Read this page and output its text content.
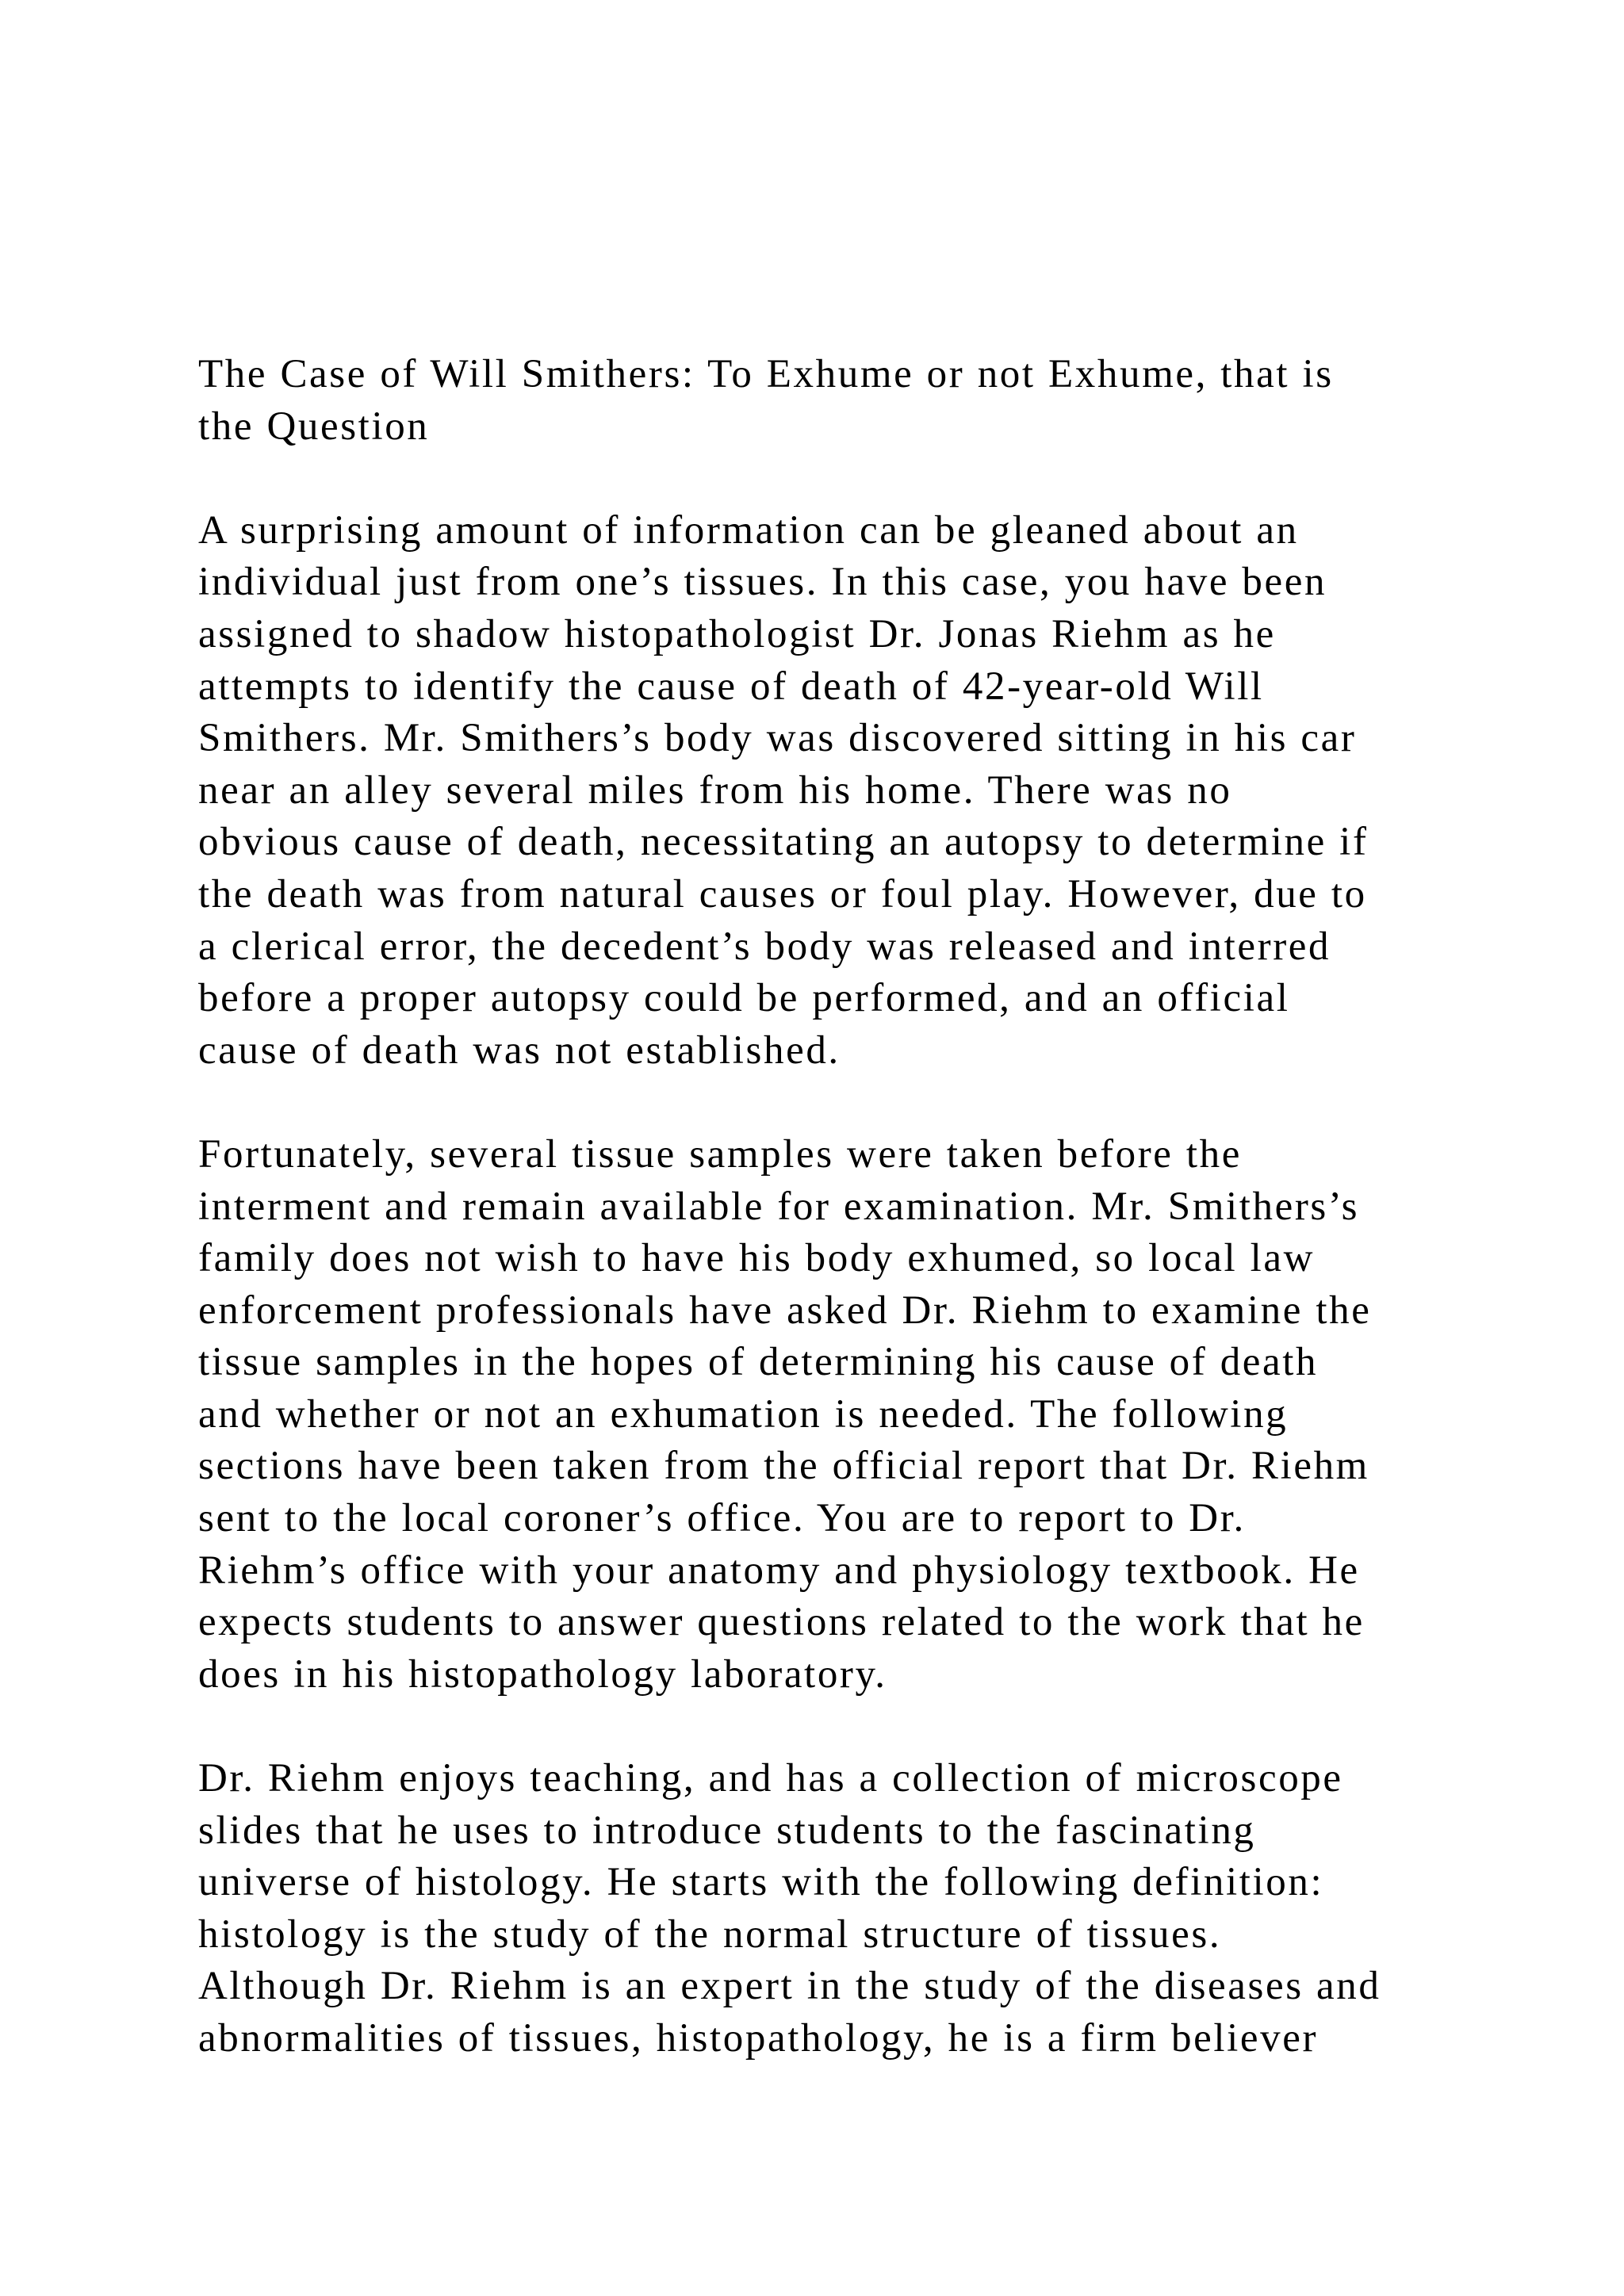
The Case of Will Smithers: To Exhume or not Exhume, that is
the Question
A surprising amount of information can be gleaned about an
individual just from one’s tissues. In this case, you have been
assigned to shadow histopathologist Dr. Jonas Riehm as he
attempts to identify the cause of death of 42-year-old Will
Smithers. Mr. Smithers’s body was discovered sitting in his car
near an alley several miles from his home. There was no
obvious cause of death, necessitating an autopsy to determine if
the death was from natural causes or foul play. However, due to
a clerical error, the decedent’s body was released and interred
before a proper autopsy could be performed, and an official
cause of death was not established.
Fortunately, several tissue samples were taken before the
interment and remain available for examination. Mr. Smithers’s
family does not wish to have his body exhumed, so local law
enforcement professionals have asked Dr. Riehm to examine the
tissue samples in the hopes of determining his cause of death
and whether or not an exhumation is needed. The following
sections have been taken from the official report that Dr. Riehm
sent to the local coroner’s office. You are to report to Dr.
Riehm’s office with your anatomy and physiology textbook. He
expects students to answer questions related to the work that he
does in his histopathology laboratory.
Dr. Riehm enjoys teaching, and has a collection of microscope
slides that he uses to introduce students to the fascinating
universe of histology. He starts with the following definition:
histology is the study of the normal structure of tissues.
Although Dr. Riehm is an expert in the study of the diseases and
abnormalities of tissues, histopathology, he is a firm believer
